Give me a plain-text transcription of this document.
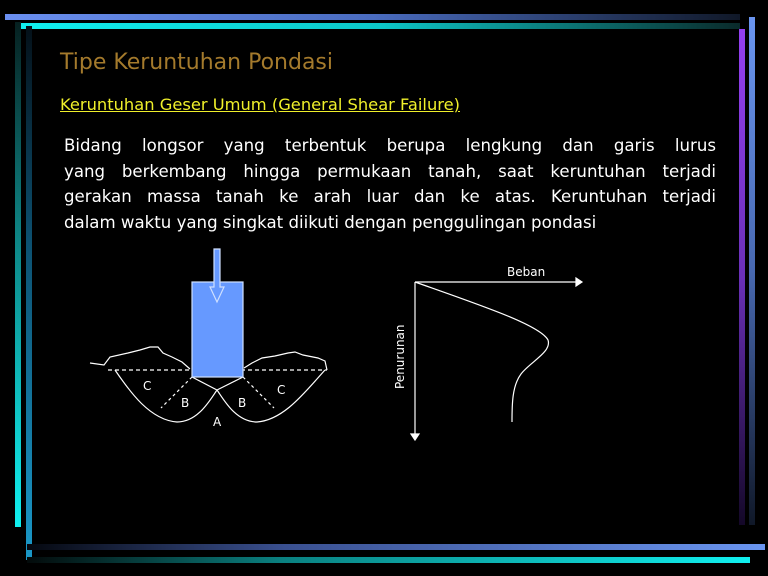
Tipe Keruntuhan Pondasi
Keruntuhan Geser Umum (General Shear Failure)
Bidang longsor yang terbentuk berupa lengkung dan garis lurus
yang berkembang hingga permukaan tanah, saat keruntuhan terjadi
gerakan massa tanah ke arah luar dan ke atas. Keruntuhan terjadi
dalam waktu yang singkat diikuti dengan penggulingan pondasi
C
B
A
B
C
Beban
Penurunan
